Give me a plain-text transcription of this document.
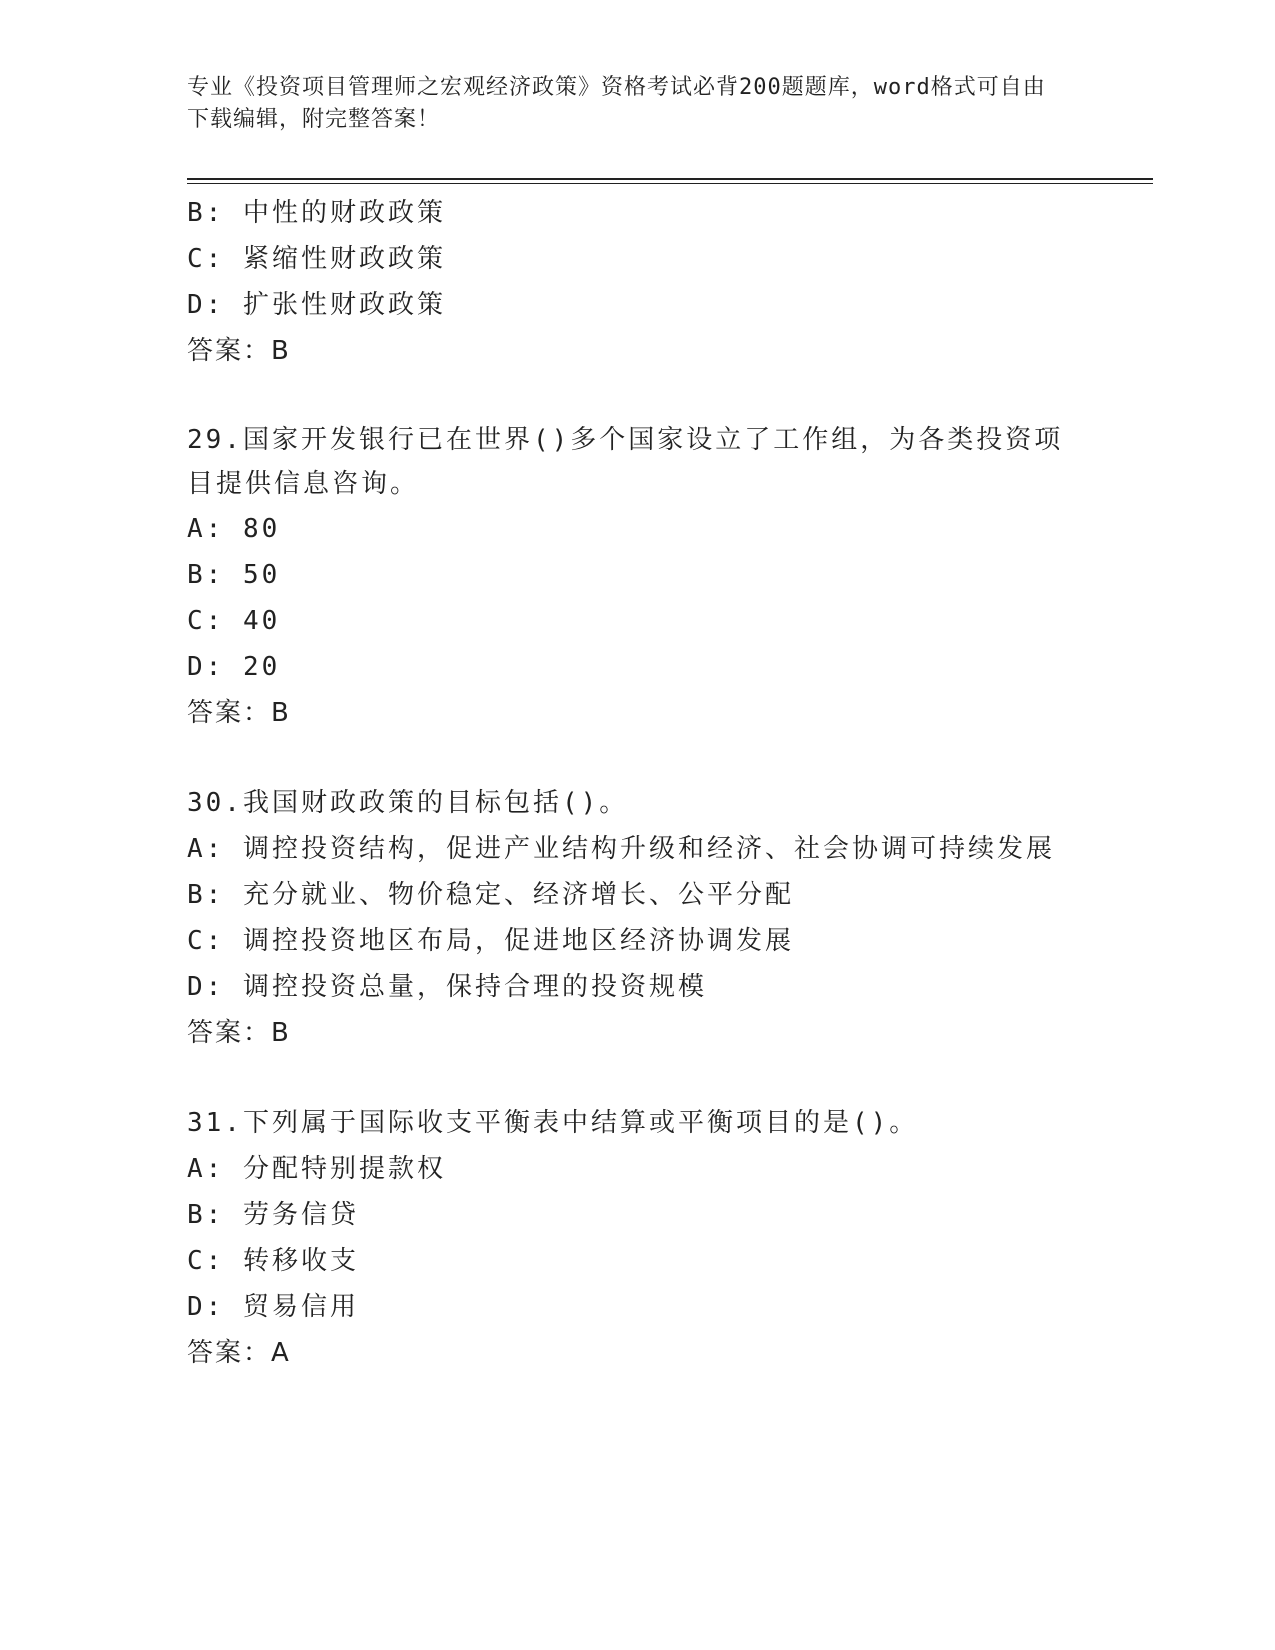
专业《投资项目管理师之宏观经济政策》资格考试必背200题题库，word格式可自由下载编辑，附完整答案！
B: 中性的财政政策
C: 紧缩性财政政策
D: 扩张性财政政策
答案：B
29.国家开发银行已在世界()多个国家设立了工作组，为各类投资项目提供信息咨询。
A: 80
B: 50
C: 40
D: 20
答案：B
30.我国财政政策的目标包括()。
A: 调控投资结构，促进产业结构升级和经济、社会协调可持续发展
B: 充分就业、物价稳定、经济增长、公平分配
C: 调控投资地区布局，促进地区经济协调发展
D: 调控投资总量，保持合理的投资规模
答案：B
31.下列属于国际收支平衡表中结算或平衡项目的是()。
A: 分配特别提款权
B: 劳务信贷
C: 转移收支
D: 贸易信用
答案：A
